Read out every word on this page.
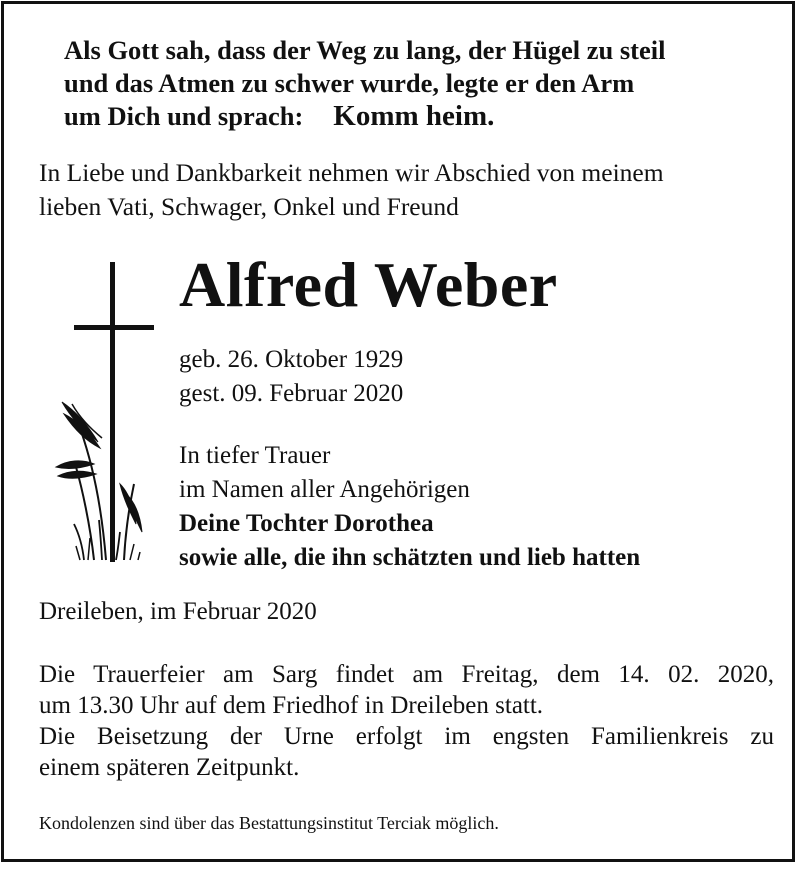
Als Gott sah, dass der Weg zu lang, der Hügel zu steil
und das Atmen zu schwer wurde, legte er den Arm
um Dich und sprach: Komm heim.
In Liebe und Dankbarkeit nehmen wir Abschied von meinem
lieben Vati, Schwager, Onkel und Freund
Alfred Weber
geb. 26. Oktober 1929
gest. 09. Februar 2020
In tiefer Trauer
im Namen aller Angehörigen
Deine Tochter Dorothea
sowie alle, die ihn schätzten und lieb hatten
Dreileben, im Februar 2020
Die Trauerfeier am Sarg findet am Freitag, dem 14. 02. 2020,
um 13.30 Uhr auf dem Friedhof in Dreileben statt.
Die Beisetzung der Urne erfolgt im engsten Familienkreis zu
einem späteren Zeitpunkt.
Kondolenzen sind über das Bestattungsinstitut Terciak möglich.
